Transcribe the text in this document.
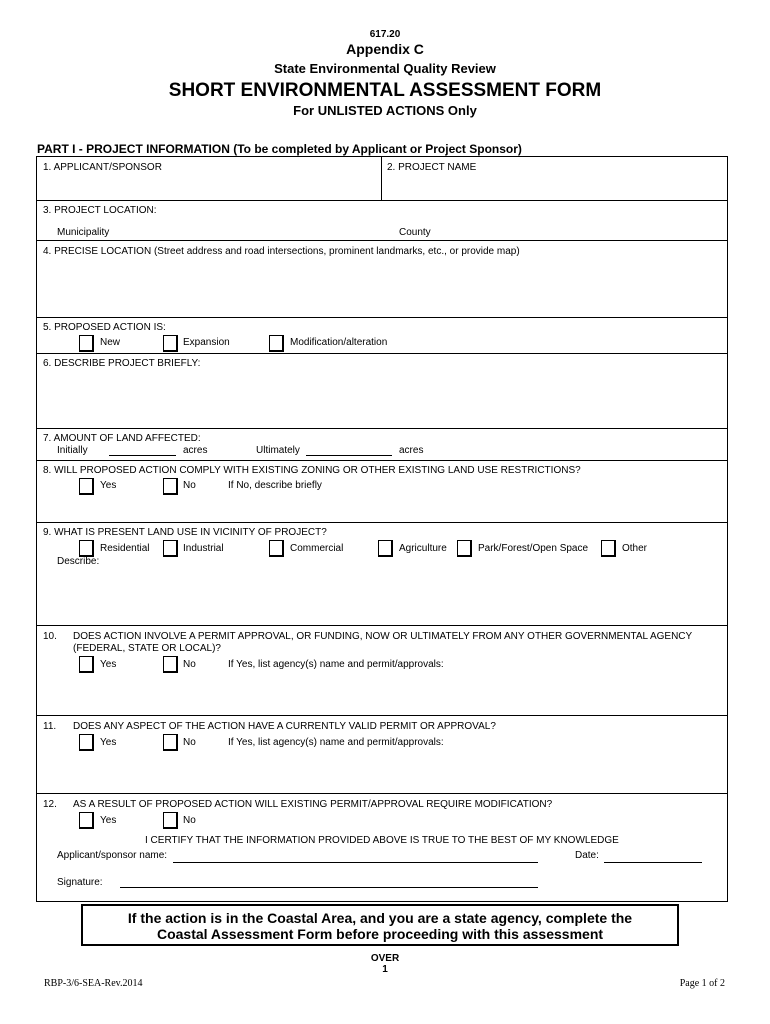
617.20
Appendix C
State Environmental Quality Review
SHORT ENVIRONMENTAL ASSESSMENT FORM
For UNLISTED ACTIONS Only
PART I - PROJECT INFORMATION (To be completed by Applicant or Project Sponsor)
1. APPLICANT/SPONSOR	2. PROJECT NAME
3. PROJECT LOCATION:
Municipality	County
4. PRECISE LOCATION (Street address and road intersections, prominent landmarks, etc., or provide map)
5. PROPOSED ACTION IS:
New	Expansion	Modification/alteration
6. DESCRIBE PROJECT BRIEFLY:
7. AMOUNT OF LAND AFFECTED:
Initially	acres	Ultimately	acres
8. WILL PROPOSED ACTION COMPLY WITH EXISTING ZONING OR OTHER EXISTING LAND USE RESTRICTIONS?
Yes	No	If No, describe briefly
9. WHAT IS PRESENT LAND USE IN VICINITY OF PROJECT?
Residential	Industrial	Commercial	Agriculture	Park/Forest/Open Space	Other
Describe:
10. DOES ACTION INVOLVE A PERMIT APPROVAL, OR FUNDING, NOW OR ULTIMATELY FROM ANY OTHER GOVERNMENTAL AGENCY
(FEDERAL, STATE OR LOCAL)?
Yes	No	If Yes, list agency(s) name and permit/approvals:
11. DOES ANY ASPECT OF THE ACTION HAVE A CURRENTLY VALID PERMIT OR APPROVAL?
Yes	No	If Yes, list agency(s) name and permit/approvals:
12. AS A RESULT OF PROPOSED ACTION WILL EXISTING PERMIT/APPROVAL REQUIRE MODIFICATION?
Yes	No
I CERTIFY THAT THE INFORMATION PROVIDED ABOVE IS TRUE TO THE BEST OF MY KNOWLEDGE
Applicant/sponsor name:	Date:
Signature:
If the action is in the Coastal Area, and you are a state agency, complete the
Coastal Assessment Form before proceeding with this assessment
OVER
1
RBP-3/6-SEA-Rev.2014	Page 1 of 2
